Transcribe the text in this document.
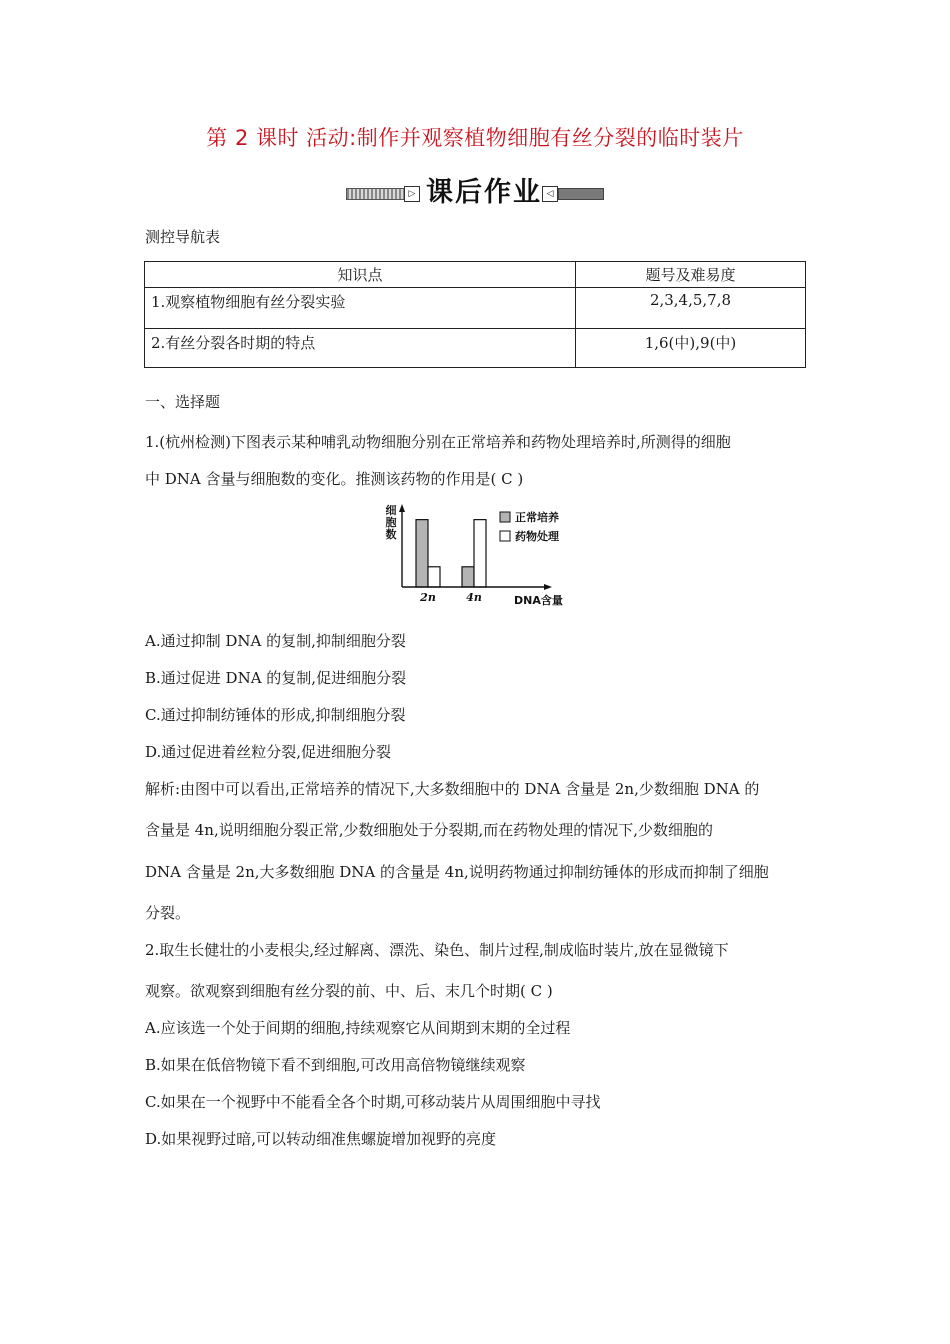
第 2 课时 活动:制作并观察植物细胞有丝分裂的临时装片
▷ 课后作业 ◁
测控导航表
知识点	题号及难易度
1.观察植物细胞有丝分裂实验	2,3,4,5,7,8
2.有丝分裂各时期的特点	1,6(中),9(中)
一、选择题
1.(杭州检测)下图表示某种哺乳动物细胞分别在正常培养和药物处理培养时,所测得的细胞
中 DNA 含量与细胞数的变化。推测该药物的作用是( C )
细
胞
数
2n	4n	DNA含量
正常培养
药物处理
A.通过抑制 DNA 的复制,抑制细胞分裂
B.通过促进 DNA 的复制,促进细胞分裂
C.通过抑制纺锤体的形成,抑制细胞分裂
D.通过促进着丝粒分裂,促进细胞分裂
解析:由图中可以看出,正常培养的情况下,大多数细胞中的 DNA 含量是 2n,少数细胞 DNA 的
含量是 4n,说明细胞分裂正常,少数细胞处于分裂期,而在药物处理的情况下,少数细胞的
DNA 含量是 2n,大多数细胞 DNA 的含量是 4n,说明药物通过抑制纺锤体的形成而抑制了细胞
分裂。
2.取生长健壮的小麦根尖,经过解离、漂洗、染色、制片过程,制成临时装片,放在显微镜下
观察。欲观察到细胞有丝分裂的前、中、后、末几个时期( C )
A.应该选一个处于间期的细胞,持续观察它从间期到末期的全过程
B.如果在低倍物镜下看不到细胞,可改用高倍物镜继续观察
C.如果在一个视野中不能看全各个时期,可移动装片从周围细胞中寻找
D.如果视野过暗,可以转动细准焦螺旋增加视野的亮度
